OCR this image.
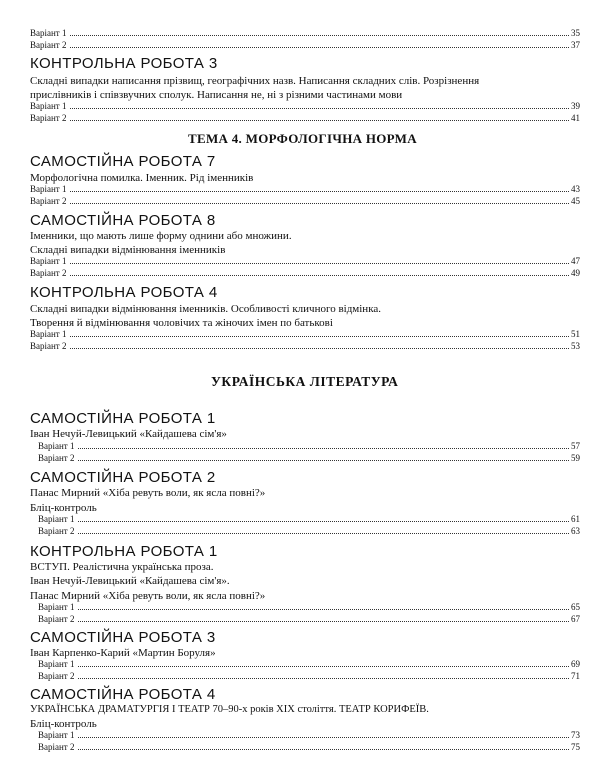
Варіант 1	35
Варіант 2	37
КОНТРОЛЬНА РОБОТА 3
Складні випадки написання прізвищ, географічних назв. Написання складних слів. Розрізнення
прислівників і співзвучних сполук. Написання не, ні з різними частинами мови
Варіант 1	39
Варіант 2	41
ТЕМА 4. МОРФОЛОГІЧНА НОРМА
САМОСТІЙНА РОБОТА 7
Морфологічна помилка. Іменник. Рід іменників
Варіант 1	43
Варіант 2	45
САМОСТІЙНА РОБОТА 8
Іменники, що мають лише форму однини або множини.
Складні випадки відмінювання іменників
Варіант 1	47
Варіант 2	49
КОНТРОЛЬНА РОБОТА 4
Складні випадки відмінювання іменників. Особливості кличного відмінка.
Творення й відмінювання чоловічих та жіночих імен по батькові
Варіант 1	51
Варіант 2	53
УКРАЇНСЬКА ЛІТЕРАТУРА
САМОСТІЙНА РОБОТА 1
Іван Нечуй-Левицький «Кайдашева сім'я»
Варіант 1	57
Варіант 2	59
САМОСТІЙНА РОБОТА 2
Панас Мирний «Хіба ревуть воли, як ясла повні?»
Бліц-контроль
Варіант 1	61
Варіант 2	63
КОНТРОЛЬНА РОБОТА 1
ВСТУП. Реалістична українська проза.
Іван Нечуй-Левицький «Кайдашева сім'я».
Панас Мирний «Хіба ревуть воли, як ясла повні?»
Варіант 1	65
Варіант 2	67
САМОСТІЙНА РОБОТА 3
Іван Карпенко-Карий «Мартин Боруля»
Варіант 1	69
Варіант 2	71
САМОСТІЙНА РОБОТА 4
УКРАЇНСЬКА ДРАМАТУРГІЯ І ТЕАТР 70–90-х років XIX століття. ТЕАТР КОРИФЕЇВ.
Бліц-контроль
Варіант 1	73
Варіант 2	75
